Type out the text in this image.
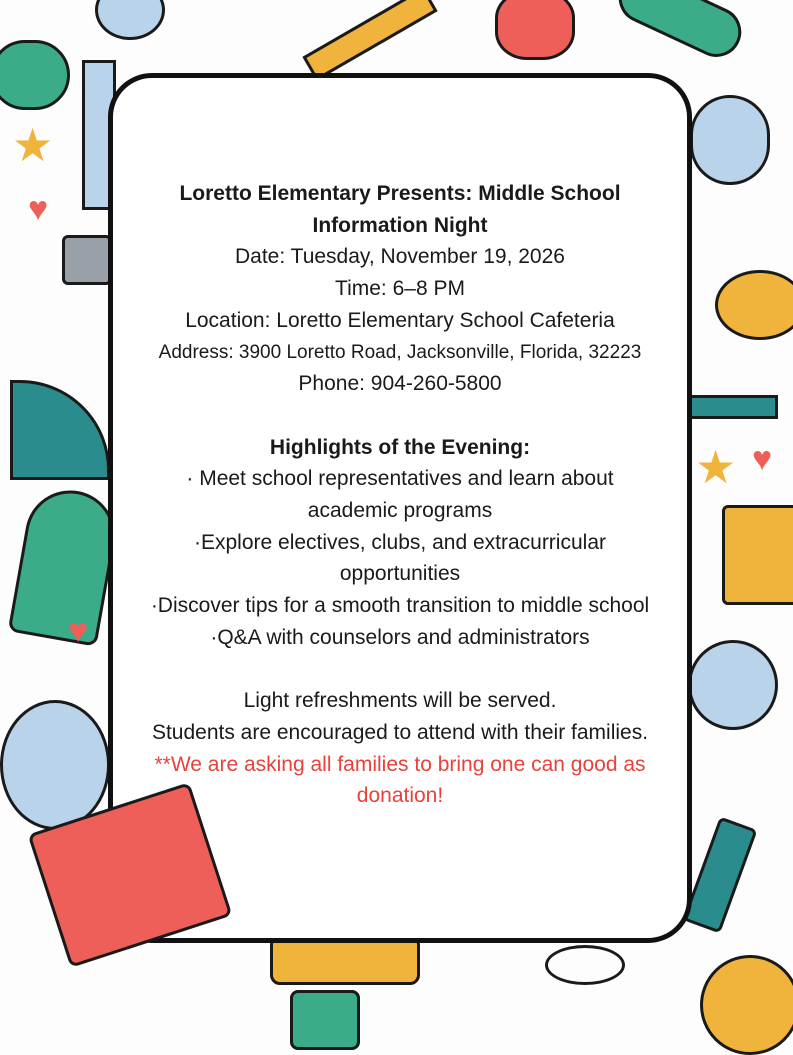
★
♥
♥
★ ♥
Loretto Elementary Presents: Middle School Information Night
Date: Tuesday, November 19, 2026
Time: 6–8 PM
Location: Loretto Elementary School Cafeteria
Address: 3900 Loretto Road, Jacksonville, Florida, 32223
Phone: 904-260-5800
Highlights of the Evening:
· Meet school representatives and learn about academic programs
·Explore electives, clubs, and extracurricular opportunities
·Discover tips for a smooth transition to middle school
·Q&A with counselors and administrators
Light refreshments will be served.
Students are encouraged to attend with their families.
**We are asking all families to bring one can good as donation!
